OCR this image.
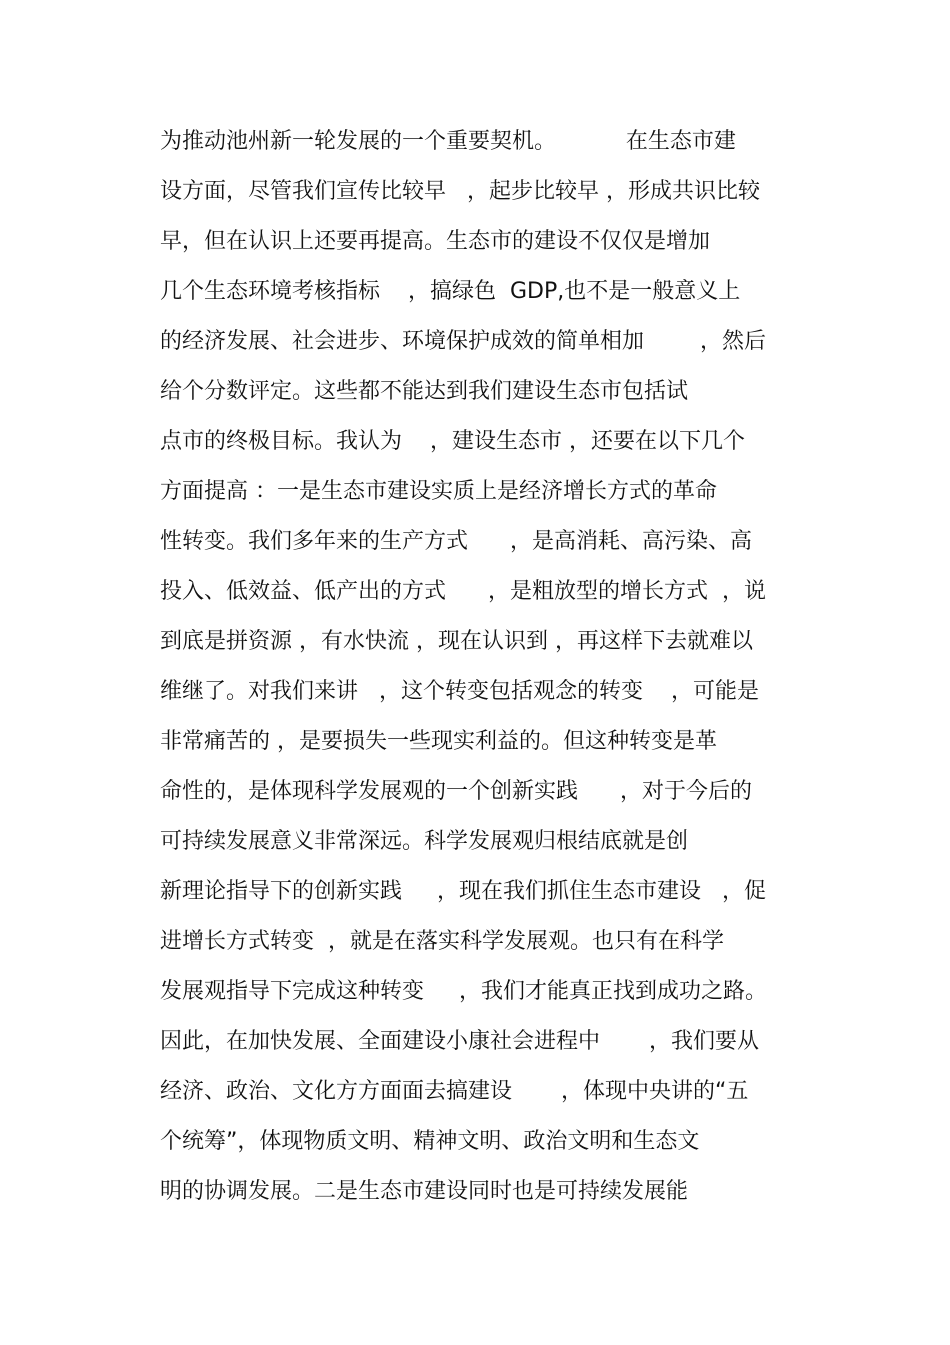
为推动池州新一轮发展的一个重要契机。          在生态市建
设方面，尽管我们宣传比较早   ，起步比较早 ，形成共识比较
早，但在认识上还要再提高。生态市的建设不仅仅是增加
几个生态环境考核指标    ，搞绿色  GDP,也不是一般意义上
的经济发展、社会进步、环境保护成效的简单相加        ，然后
给个分数评定。这些都不能达到我们建设生态市包括试
点市的终极目标。我认为    ，建设生态市 ，还要在以下几个
方面提高 ：一是生态市建设实质上是经济增长方式的革命
性转变。我们多年来的生产方式      ，是高消耗、高污染、高
投入、低效益、低产出的方式      ，是粗放型的增长方式  ，说
到底是拼资源 ，有水快流 ，现在认识到 ，再这样下去就难以
维继了。对我们来讲   ，这个转变包括观念的转变    ，可能是
非常痛苦的 ，是要损失一些现实利益的。但这种转变是革
命性的，是体现科学发展观的一个创新实践      ，对于今后的
可持续发展意义非常深远。科学发展观归根结底就是创
新理论指导下的创新实践     ，现在我们抓住生态市建设   ，促
进增长方式转变  ，就是在落实科学发展观。也只有在科学
发展观指导下完成这种转变     ，我们才能真正找到成功之路。
因此，在加快发展、全面建设小康社会进程中       ，我们要从
经济、政治、文化方方面面去搞建设       ，体现中央讲的“五
个统筹”，体现物质文明、精神文明、政治文明和生态文
明的协调发展。二是生态市建设同时也是可持续发展能
